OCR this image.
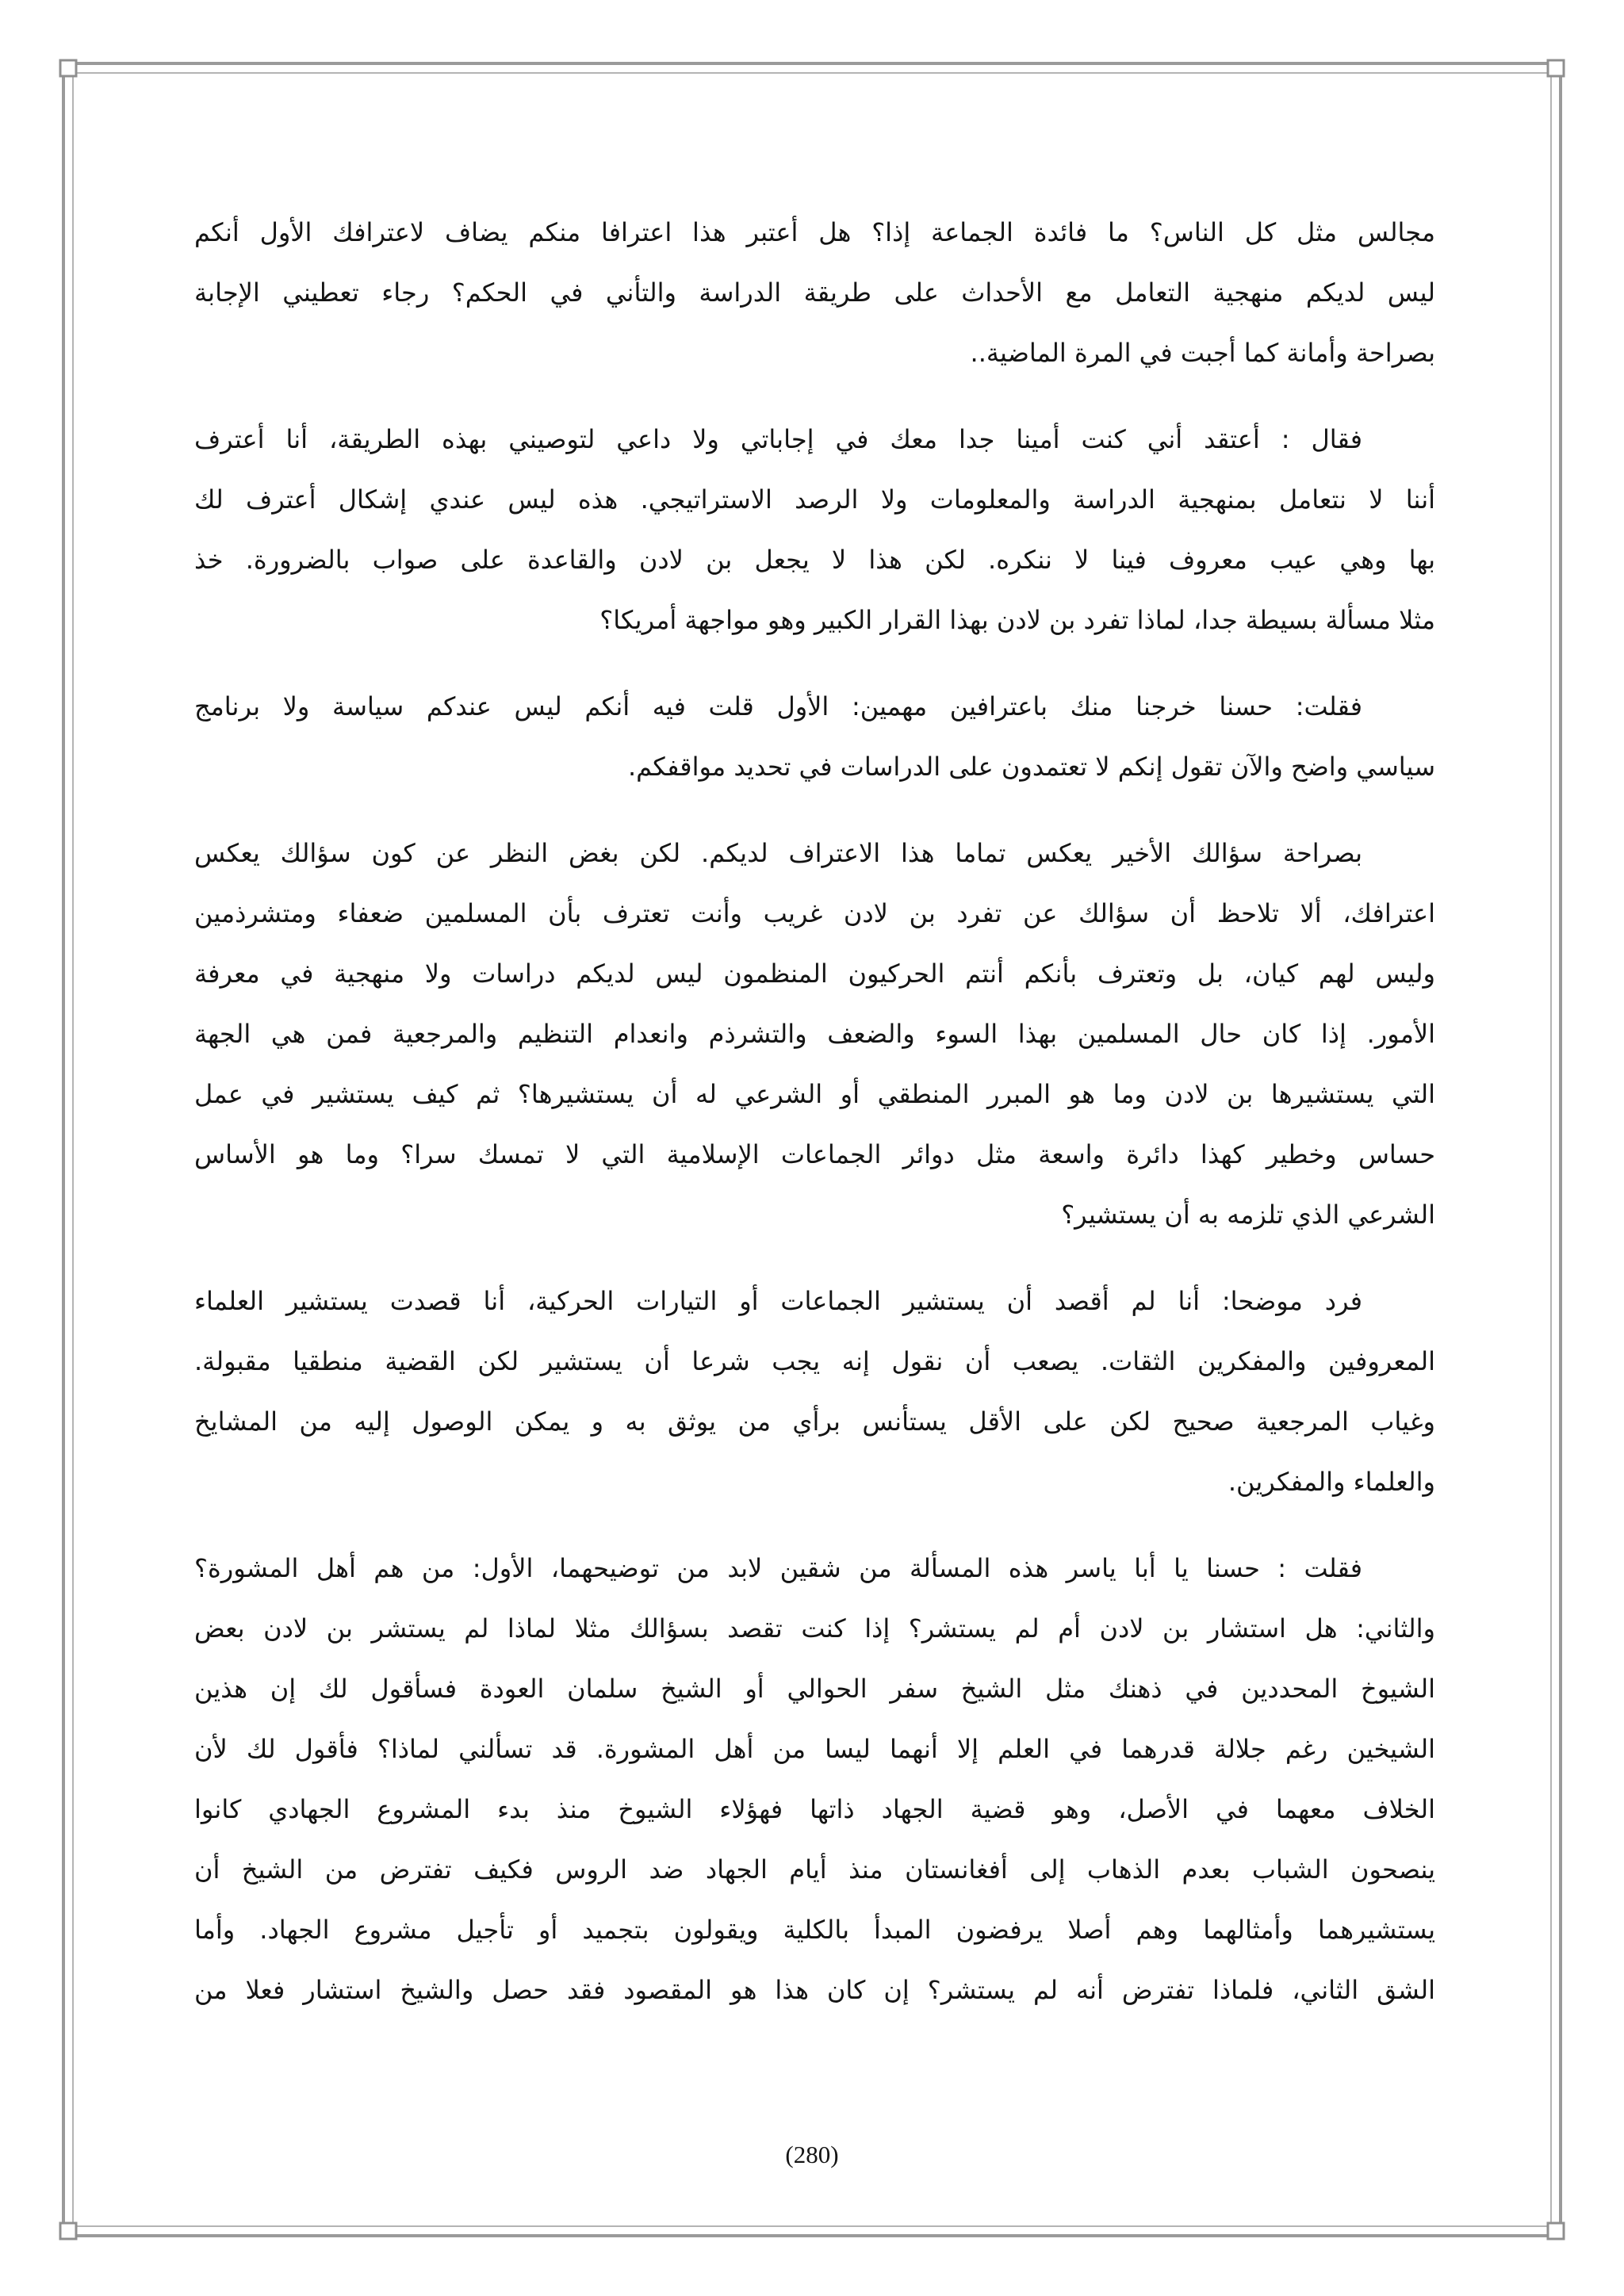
مجالس مثل كل الناس؟ ما فائدة الجماعة إذا؟ هل أعتبر هذا اعترافا منكم يضاف لاعترافك الأول أنكم
ليس لديكم منهجية التعامل مع الأحداث على طريقة الدراسة والتأني في الحكم؟ رجاء تعطيني الإجابة
بصراحة وأمانة كما أجبت في المرة الماضية..
فقال : أعتقد أني كنت أمينا جدا معك في إجاباتي ولا داعي لتوصيني بهذه الطريقة، أنا أعترف
أننا لا نتعامل بمنهجية الدراسة والمعلومات ولا الرصد الاستراتيجي. هذه ليس عندي إشكال أعترف لك
بها وهي عيب معروف فينا لا ننكره. لكن هذا لا يجعل بن لادن والقاعدة على صواب بالضرورة. خذ
مثلا مسألة بسيطة جدا، لماذا تفرد بن لادن بهذا القرار الكبير وهو مواجهة أمريكا؟
فقلت: حسنا خرجنا منك باعترافين مهمين: الأول قلت فيه أنكم ليس عندكم سياسة ولا برنامج
سياسي واضح والآن تقول إنكم لا تعتمدون على الدراسات في تحديد مواقفكم.
بصراحة سؤالك الأخير يعكس تماما هذا الاعتراف لديكم. لكن بغض النظر عن كون سؤالك يعكس
اعترافك، ألا تلاحظ أن سؤالك عن تفرد بن لادن غريب وأنت تعترف بأن المسلمين ضعفاء ومتشرذمين
وليس لهم كيان، بل وتعترف بأنكم أنتم الحركيون المنظمون ليس لديكم دراسات ولا منهجية في معرفة
الأمور. إذا كان حال المسلمين بهذا السوء والضعف والتشرذم وانعدام التنظيم والمرجعية فمن هي الجهة
التي يستشيرها بن لادن وما هو المبرر المنطقي أو الشرعي له أن يستشيرها؟ ثم كيف يستشير في عمل
حساس وخطير كهذا دائرة واسعة مثل دوائر الجماعات الإسلامية التي لا تمسك سرا؟ وما هو الأساس
الشرعي الذي تلزمه به أن يستشير؟
فرد موضحا: أنا لم أقصد أن يستشير الجماعات أو التيارات الحركية، أنا قصدت يستشير العلماء
المعروفين والمفكرين الثقات. يصعب أن نقول إنه يجب شرعا أن يستشير لكن القضية منطقيا مقبولة.
وغياب المرجعية صحيح لكن على الأقل يستأنس برأي من يوثق به و يمكن الوصول إليه من المشايخ
والعلماء والمفكرين.
فقلت : حسنا يا أبا ياسر هذه المسألة من شقين لابد من توضيحهما، الأول: من هم أهل المشورة؟
والثاني: هل استشار بن لادن أم لم يستشر؟ إذا كنت تقصد بسؤالك مثلا لماذا لم يستشر بن لادن بعض
الشيوخ المحددين في ذهنك مثل الشيخ سفر الحوالي أو الشيخ سلمان العودة فسأقول لك إن هذين
الشيخين رغم جلالة قدرهما في العلم إلا أنهما ليسا من أهل المشورة. قد تسألني لماذا؟ فأقول لك لأن
الخلاف معهما في الأصل، وهو قضية الجهاد ذاتها فهؤلاء الشيوخ منذ بدء المشروع الجهادي كانوا
ينصحون الشباب بعدم الذهاب إلى أفغانستان منذ أيام الجهاد ضد الروس فكيف تفترض من الشيخ أن
يستشيرهما وأمثالهما وهم أصلا يرفضون المبدأ بالكلية ويقولون بتجميد أو تأجيل مشروع الجهاد. وأما
الشق الثاني، فلماذا تفترض أنه لم يستشر؟ إن كان هذا هو المقصود فقد حصل والشيخ استشار فعلا من
(280)
